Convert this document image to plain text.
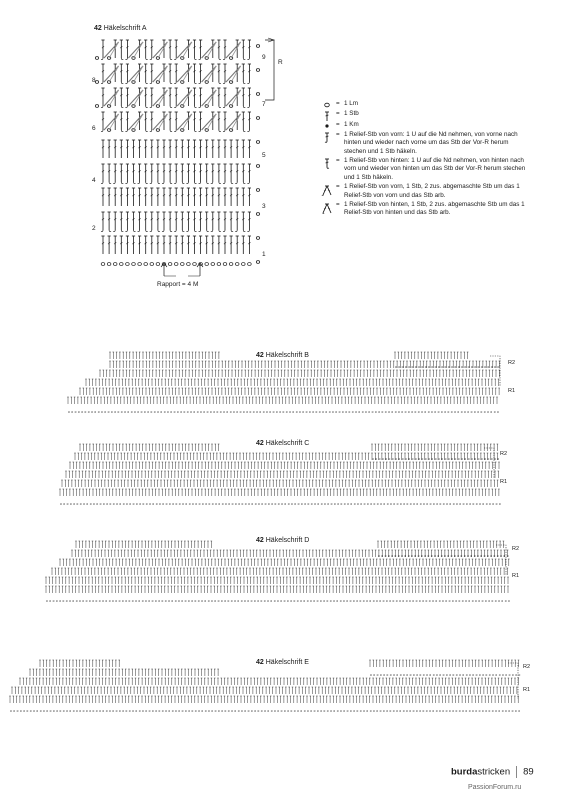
42 Häkelschrift A
o o o o o o o o o o o o o o o o o o o o o o o o o o o o o o o o o o o o o o o o o o o o o o o o o o o o o o o o o o o o o o o o o o o o o o o o o o o o o o o o o o o o o o o o o o o o o o o o o o o o o o o o o o o o o o o o o o o o o o o o o o o o o o o o o o o
o o o o o o o o o o o o o o o o o o o o o o o o o o o o o o o o
o o o o o o o o o o o o o o o o o o o o o o o o o o o o o o o o o o o o o o o o o o o o o o o o o o o o o o o o o o o o o o o o o o o o o o o o o o o o o o o o o o o o o o o o o o o o o o o o o o o o o o o o o o o o o o o o o o o o o o o o o o o o o o o o o o o o o o
o o o o o o o o o o o o o o o o o o o o o o o o o o o o o o o o o o o o o o o
o o o o o o o o o o o o o o o o o o o o o o o o o o o o o o o o o o o o o o o o o o o o o o o o o o o o o o o o o o o o o o o o o o o o o o o o o o o o o o o o o o o o o o o o o o o o o o o o o o o o o o o o o o o o o o o o o o o o o o o o o o o o o o o o o o o o o o o o o o o o o
o o o o o o o o o o o o o o o o o o o o o o o o o o o o o o o o o o o o o o o o
o o o o o o o o o o o o o o o o o o o o o o o o o o o o o o o o o o o o o o o o o o o o o o o o o o o o o o o o o o o o o o o o o o o o o o o o o o o o o o o o o o o o o o o o o o o o o o o o o o o o o o o o o o o o o o o o o o o o o o o o o o o o o o o o o o o o o o o o o o o o o o o o o o o o o o o o o o o
o o o o o o o o o o o o o o o o o o o o o o o o o o o o o o o o o o o o o o o o o o o o o o
8
6
4
2
9
7
5
3
1
R
Rapport = 4 M
= 1 Lm
= 1 Stb
= 1 Km
= 1 Relief-Stb von vorn: 1 U auf die Nd nehmen, von vorne nach hinten und wieder nach vorne um das Stb der Vor-R herum stechen und 1 Stb häkeln.
= 1 Relief-Stb von hinten: 1 U auf die Nd nehmen, von hinten nach vorn und wieder von hinten um das Stb der Vor-R herum stechen und 1 Stb häkeln.
= 1 Relief-Stb von vorn, 1 Stb, 2 zus. abgemaschte Stb um das 1 Relief-Stb von vorn und das Stb arb.
= 1 Relief-Stb von hinten, 1 Stb, 2 zus. abgemaschte Stb um das 1 Relief-Stb von hinten und das Stb arb.
42 Häkelschrift B
42 Häkelschrift C
42 Häkelschrift D
42 Häkelschrift E
R2
R1
R2
R1
R2
R1
R2
R1
burdastricken 89
PassionForum.ru
